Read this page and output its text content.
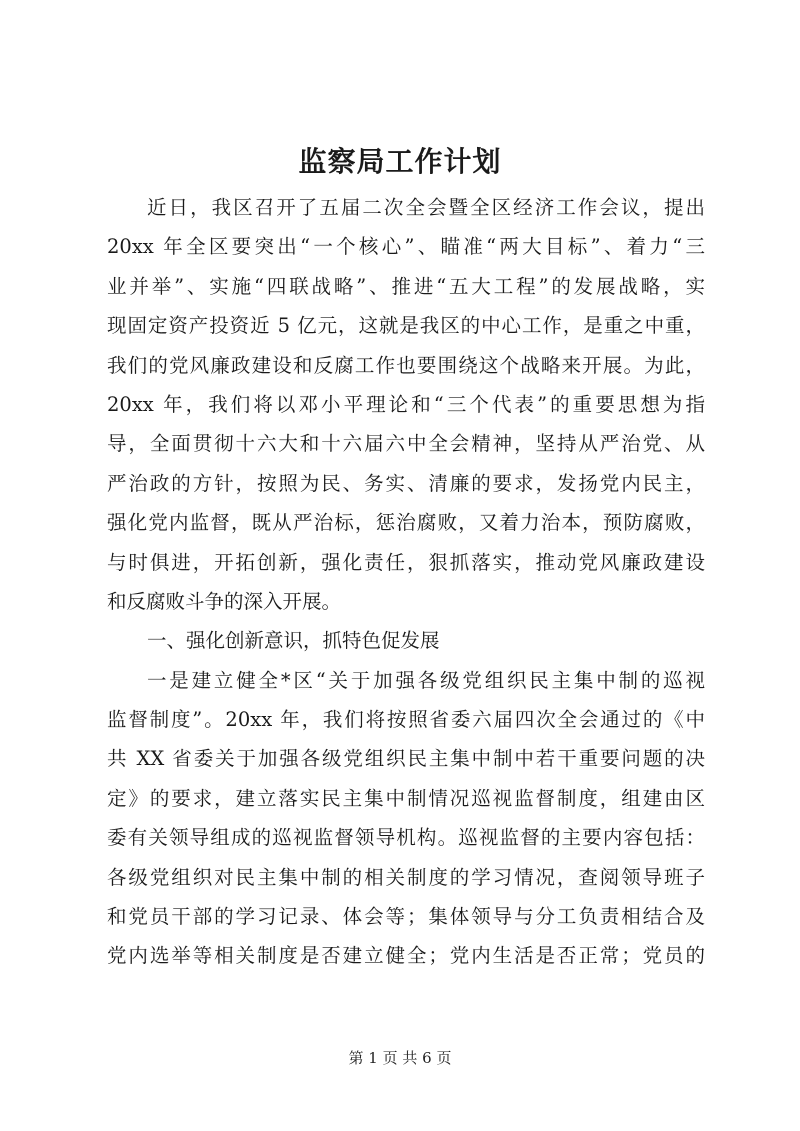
监察局工作计划
近日，我区召开了五届二次全会暨全区经济工作会议，提出
20xx 年全区要突出“一个核心”、瞄准“两大目标”、着力“三
业并举”、实施“四联战略”、推进“五大工程”的发展战略，实
现固定资产投资近 5 亿元，这就是我区的中心工作，是重之中重，
我们的党风廉政建设和反腐工作也要围绕这个战略来开展。为此，
20xx 年，我们将以邓小平理论和“三个代表”的重要思想为指
导，全面贯彻十六大和十六届六中全会精神，坚持从严治党、从
严治政的方针，按照为民、务实、清廉的要求，发扬党内民主，
强化党内监督，既从严治标，惩治腐败，又着力治本，预防腐败，
与时俱进，开拓创新，强化责任，狠抓落实，推动党风廉政建设
和反腐败斗争的深入开展。
一、强化创新意识，抓特色促发展
一是建立健全*区“关于加强各级党组织民主集中制的巡视
监督制度”。20xx 年，我们将按照省委六届四次全会通过的《中
共 XX 省委关于加强各级党组织民主集中制中若干重要问题的决
定》的要求，建立落实民主集中制情况巡视监督制度，组建由区
委有关领导组成的巡视监督领导机构。巡视监督的主要内容包括：
各级党组织对民主集中制的相关制度的学习情况，查阅领导班子
和党员干部的学习记录、体会等；集体领导与分工负责相结合及
党内选举等相关制度是否建立健全；党内生活是否正常；党员的
第 1 页 共 6 页
